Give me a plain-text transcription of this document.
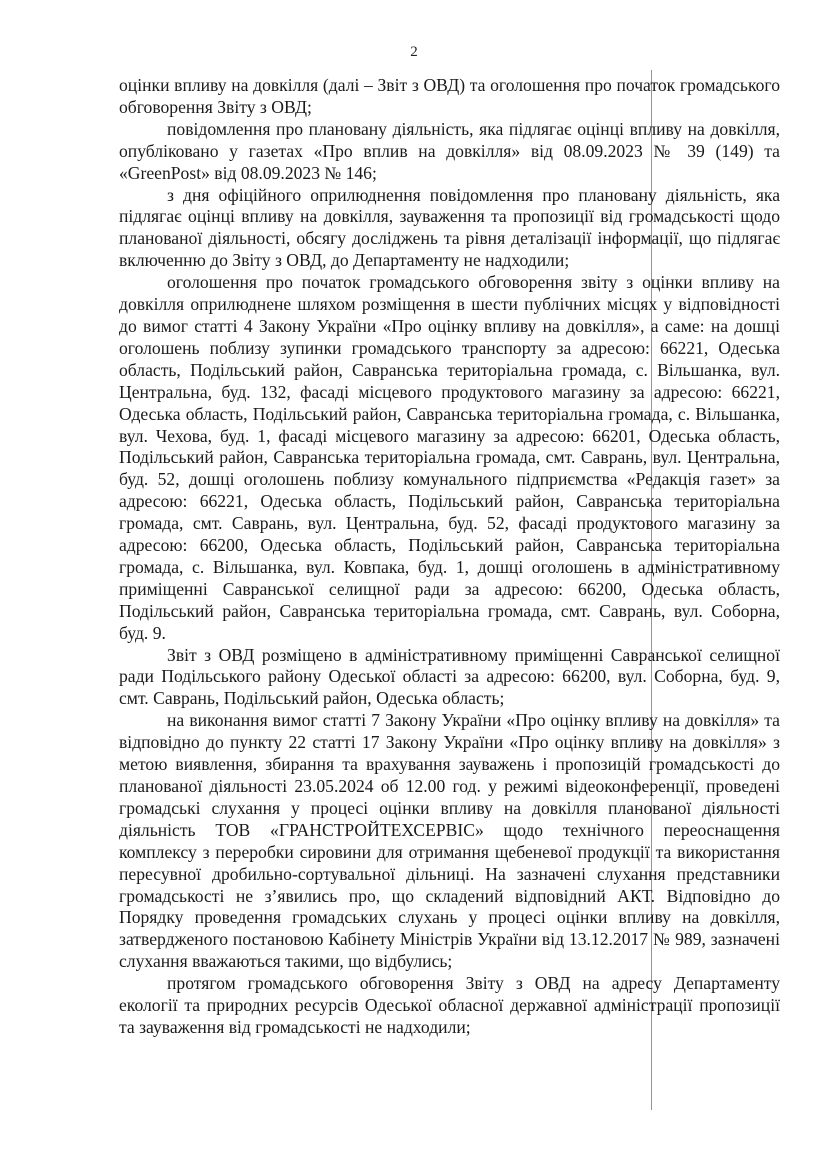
2

оцінки впливу на довкілля (далі – Звіт з ОВД) та оголошення про початок громадського обговорення Звіту з ОВД;

повідомлення про плановану діяльність, яка підлягає оцінці впливу на довкілля, опубліковано у газетах «Про вплив на довкілля» від 08.09.2023 № 39 (149) та «GreenPost» від 08.09.2023 № 146;

з дня офіційного оприлюднення повідомлення про плановану діяльність, яка підлягає оцінці впливу на довкілля, зауваження та пропозиції від громадськості щодо планованої діяльності, обсягу досліджень та рівня деталізації інформації, що підлягає включенню до Звіту з ОВД, до Департаменту не надходили;

оголошення про початок громадського обговорення звіту з оцінки впливу на довкілля оприлюднене шляхом розміщення в шести публічних місцях у відповідності до вимог статті 4 Закону України «Про оцінку впливу на довкілля», а саме: на дошці оголошень поблизу зупинки громадського транспорту за адресою: 66221, Одеська область, Подільський район, Савранська територіальна громада, с. Вільшанка, вул. Центральна, буд. 132, фасаді місцевого продуктового магазину за адресою: 66221, Одеська область, Подільський район, Савранська територіальна громада, с. Вільшанка, вул. Чехова, буд. 1, фасаді місцевого магазину за адресою: 66201, Одеська область, Подільський район, Савранська територіальна громада, смт. Саврань, вул. Центральна, буд. 52, дошці оголошень поблизу комунального підприємства «Редакція газет» за адресою: 66221, Одеська область, Подільський район, Савранська територіальна громада, смт. Саврань, вул. Центральна, буд. 52, фасаді продуктового магазину за адресою: 66200, Одеська область, Подільський район, Савранська територіальна громада, с. Вільшанка, вул. Ковпака, буд. 1, дошці оголошень в адміністративному приміщенні Савранської селищної ради за адресою: 66200, Одеська область, Подільський район, Савранська територіальна громада, смт. Саврань, вул. Соборна, буд. 9.

Звіт з ОВД розміщено в адміністративному приміщенні Савранської селищної ради Подільського району Одеської області за адресою: 66200, вул. Соборна, буд. 9, смт. Саврань, Подільський район, Одеська область;

на виконання вимог статті 7 Закону України «Про оцінку впливу на довкілля» та відповідно до пункту 22 статті 17 Закону України «Про оцінку впливу на довкілля» з метою виявлення, збирання та врахування зауважень і пропозицій громадськості до планованої діяльності 23.05.2024 об 12.00 год. у режимі відеоконференції, проведені громадські слухання у процесі оцінки впливу на довкілля планованої діяльності діяльність ТОВ «ГРАНСТРОЙТЕХСЕРВІС» щодо технічного переоснащення комплексу з переробки сировини для отримання щебеневої продукції та використання пересувної дробильно-сортувальної дільниці. На зазначені слухання представники громадськості не з’явились про, що складений відповідний АКТ. Відповідно до Порядку проведення громадських слухань у процесі оцінки впливу на довкілля, затвердженого постановою Кабінету Міністрів України від 13.12.2017 № 989, зазначені слухання вважаються такими, що відбулись;

протягом громадського обговорення Звіту з ОВД на адресу Департаменту екології та природних ресурсів Одеської обласної державної адміністрації пропозиції та зауваження від громадськості не надходили;
